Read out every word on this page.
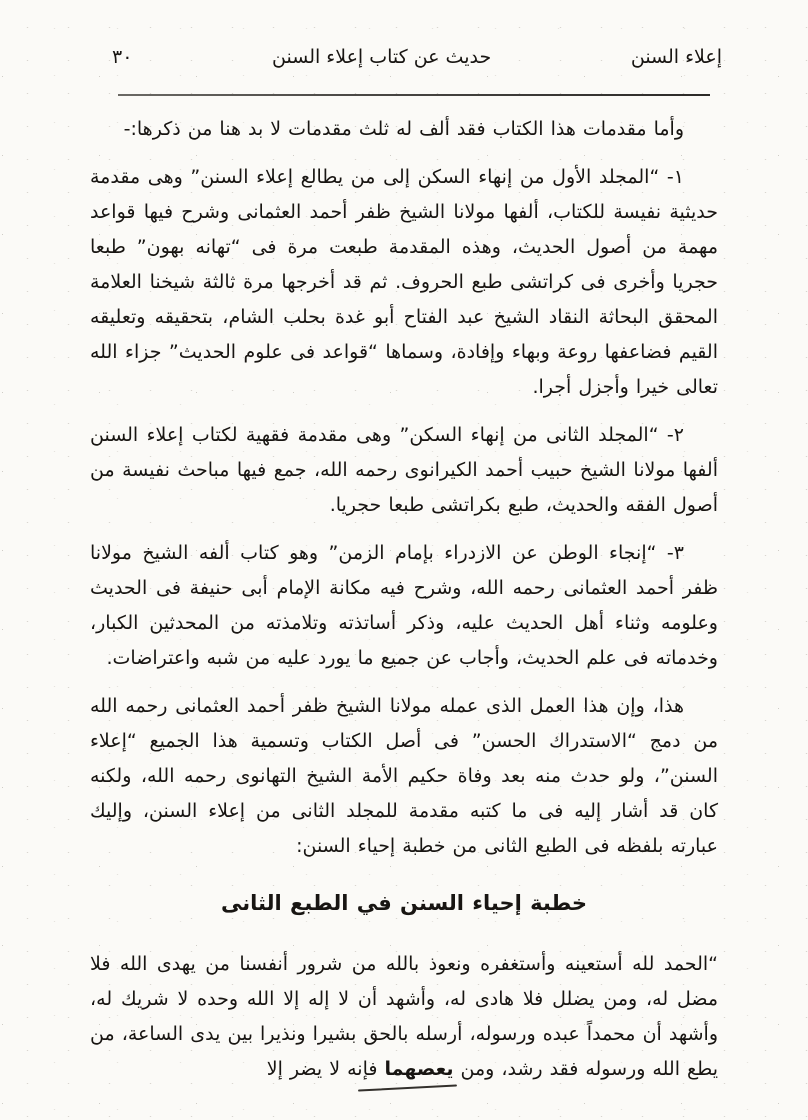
إعلاء السنن
حديث عن كتاب إعلاء السنن
٣٠

وأما مقدمات هذا الكتاب فقد ألف له ثلث مقدمات لا بد هنا من ذكرها:-

١- “المجلد الأول من إنهاء السكن إلى من يطالع إعلاء السنن” وهى مقدمة حديثية نفيسة للكتاب، ألفها مولانا الشيخ ظفر أحمد العثمانى وشرح فيها قواعد مهمة من أصول الحديث، وهذه المقدمة طبعت مرة فى “تهانه بهون” طبعا حجريا وأخرى فى كراتشى طبع الحروف. ثم قد أخرجها مرة ثالثة شيخنا العلامة المحقق البحاثة النقاد الشيخ عبد الفتاح أبو غدة بحلب الشام، بتحقيقه وتعليقه القيم فضاعفها روعة وبهاء وإفادة، وسماها “قواعد فى علوم الحديث” جزاء الله تعالى خيرا وأجزل أجرا.

٢- “المجلد الثانى من إنهاء السكن” وهى مقدمة فقهية لكتاب إعلاء السنن ألفها مولانا الشيخ حبيب أحمد الكيرانوى رحمه الله، جمع فيها مباحث نفيسة من أصول الفقه والحديث، طبع بكراتشى طبعا حجريا.

٣- “إنجاء الوطن عن الازدراء بإمام الزمن” وهو كتاب ألفه الشيخ مولانا ظفر أحمد العثمانى رحمه الله، وشرح فيه مكانة الإمام أبى حنيفة فى الحديث وعلومه وثناء أهل الحديث عليه، وذكر أساتذته وتلامذته من المحدثين الكبار، وخدماته فى علم الحديث، وأجاب عن جميع ما يورد عليه من شبه واعتراضات.

هذا، وإن هذا العمل الذى عمله مولانا الشيخ ظفر أحمد العثمانى رحمه الله من دمج “الاستدراك الحسن” فى أصل الكتاب وتسمية هذا الجميع “إعلاء السنن”، ولو حدث منه بعد وفاة حكيم الأمة الشيخ التهانوى رحمه الله، ولكنه كان قد أشار إليه فى ما كتبه مقدمة للمجلد الثانى من إعلاء السنن، وإليك عبارته بلفظه فى الطبع الثانى من خطبة إحياء السنن:

خطبة إحياء السنن في الطبع الثانى

“الحمد لله أستعينه وأستغفره ونعوذ بالله من شرور أنفسنا من يهدى الله فلا مضل له، ومن يضلل فلا هادى له، وأشهد أن لا إله إلا الله وحده لا شريك له، وأشهد أن محمداً عبده ورسوله، أرسله بالحق بشيرا ونذيرا بين يدى الساعة، من يطع الله ورسوله فقد رشد، ومن يعصهما فإنه لا يضر إلا
